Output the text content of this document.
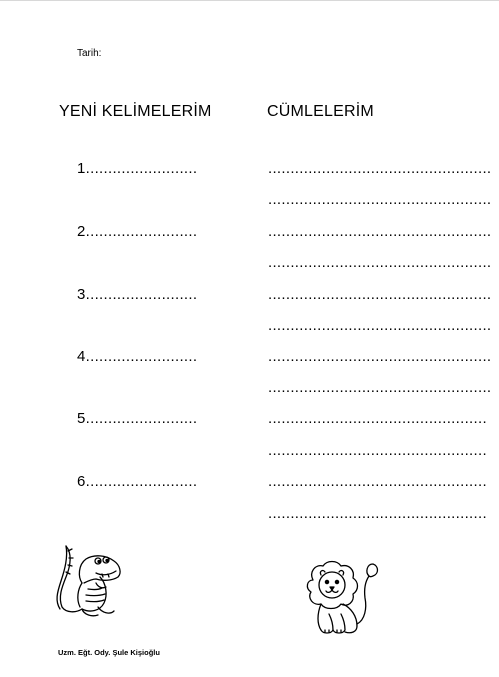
Tarih:
YENİ KELİMELERİM	CÜMLELERİM
1.........................
2.........................
3.........................
4.........................
5.........................
6.........................
..................................................
..................................................
..................................................
..................................................
..................................................
..................................................
..................................................
..................................................
.................................................
.................................................
.................................................
.................................................
Uzm. Eğt. Ody. Şule Kişioğlu
